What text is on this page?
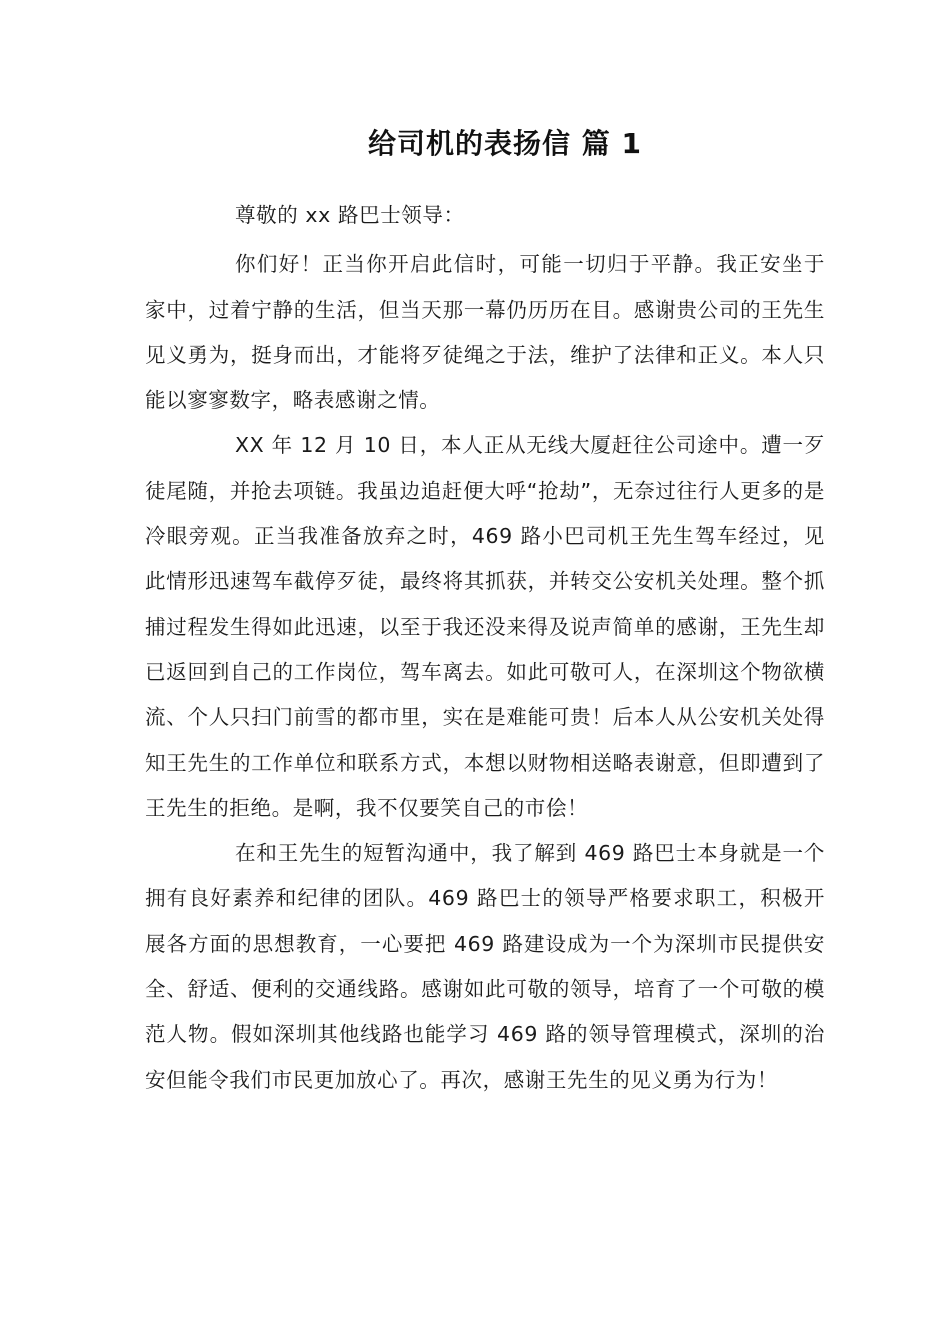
给司机的表扬信 篇 1

尊敬的 xx 路巴士领导：

你们好！正当你开启此信时，可能一切归于平静。我正安坐于家中，过着宁静的生活，但当天那一幕仍历历在目。感谢贵公司的王先生见义勇为，挺身而出，才能将歹徒绳之于法，维护了法律和正义。本人只能以寥寥数字，略表感谢之情。

XX 年 12 月 10 日，本人正从无线大厦赶往公司途中。遭一歹徒尾随，并抢去项链。我虽边追赶便大呼“抢劫”，无奈过往行人更多的是冷眼旁观。正当我准备放弃之时，469 路小巴司机王先生驾车经过，见此情形迅速驾车截停歹徒，最终将其抓获，并转交公安机关处理。整个抓捕过程发生得如此迅速，以至于我还没来得及说声简单的感谢，王先生却已返回到自己的工作岗位，驾车离去。如此可敬可人，在深圳这个物欲横流、个人只扫门前雪的都市里，实在是难能可贵！后本人从公安机关处得知王先生的工作单位和联系方式，本想以财物相送略表谢意，但即遭到了王先生的拒绝。是啊，我不仅要笑自己的市侩！

在和王先生的短暂沟通中，我了解到 469 路巴士本身就是一个拥有良好素养和纪律的团队。469 路巴士的领导严格要求职工，积极开展各方面的思想教育，一心要把 469 路建设成为一个为深圳市民提供安全、舒适、便利的交通线路。感谢如此可敬的领导，培育了一个可敬的模范人物。假如深圳其他线路也能学习 469 路的领导管理模式，深圳的治安但能令我们市民更加放心了。再次，感谢王先生的见义勇为行为！
